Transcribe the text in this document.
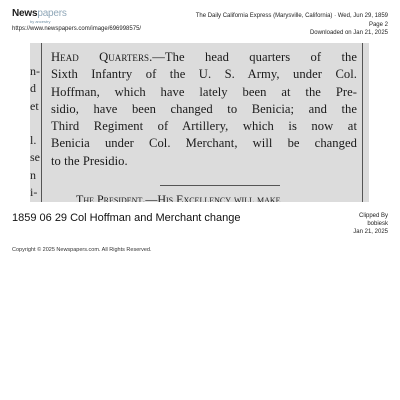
Newspapers
by ancestry
https://www.newspapers.com/image/696998575/
The Daily California Express (Marysville, California) · Wed, Jun 29, 1859
Page 2
Downloaded on Jan 21, 2025
n-
d
et

l.
se
n
i-
Head Quarters.—The head quarters of the
Sixth Infantry of the U. S. Army, under Col.
Hoffman, which have lately been at the Pre-
sidio, have been changed to Benicia; and the
Third Regiment of Artillery, which is now at
Benicia under Col. Merchant, will be changed
to the Presidio.
The President.—His Excellency will make
1859 06 29 Col Hoffman and Merchant change	Clipped By
bobiesk
Jan 21, 2025
Copyright © 2025 Newspapers.com. All Rights Reserved.
